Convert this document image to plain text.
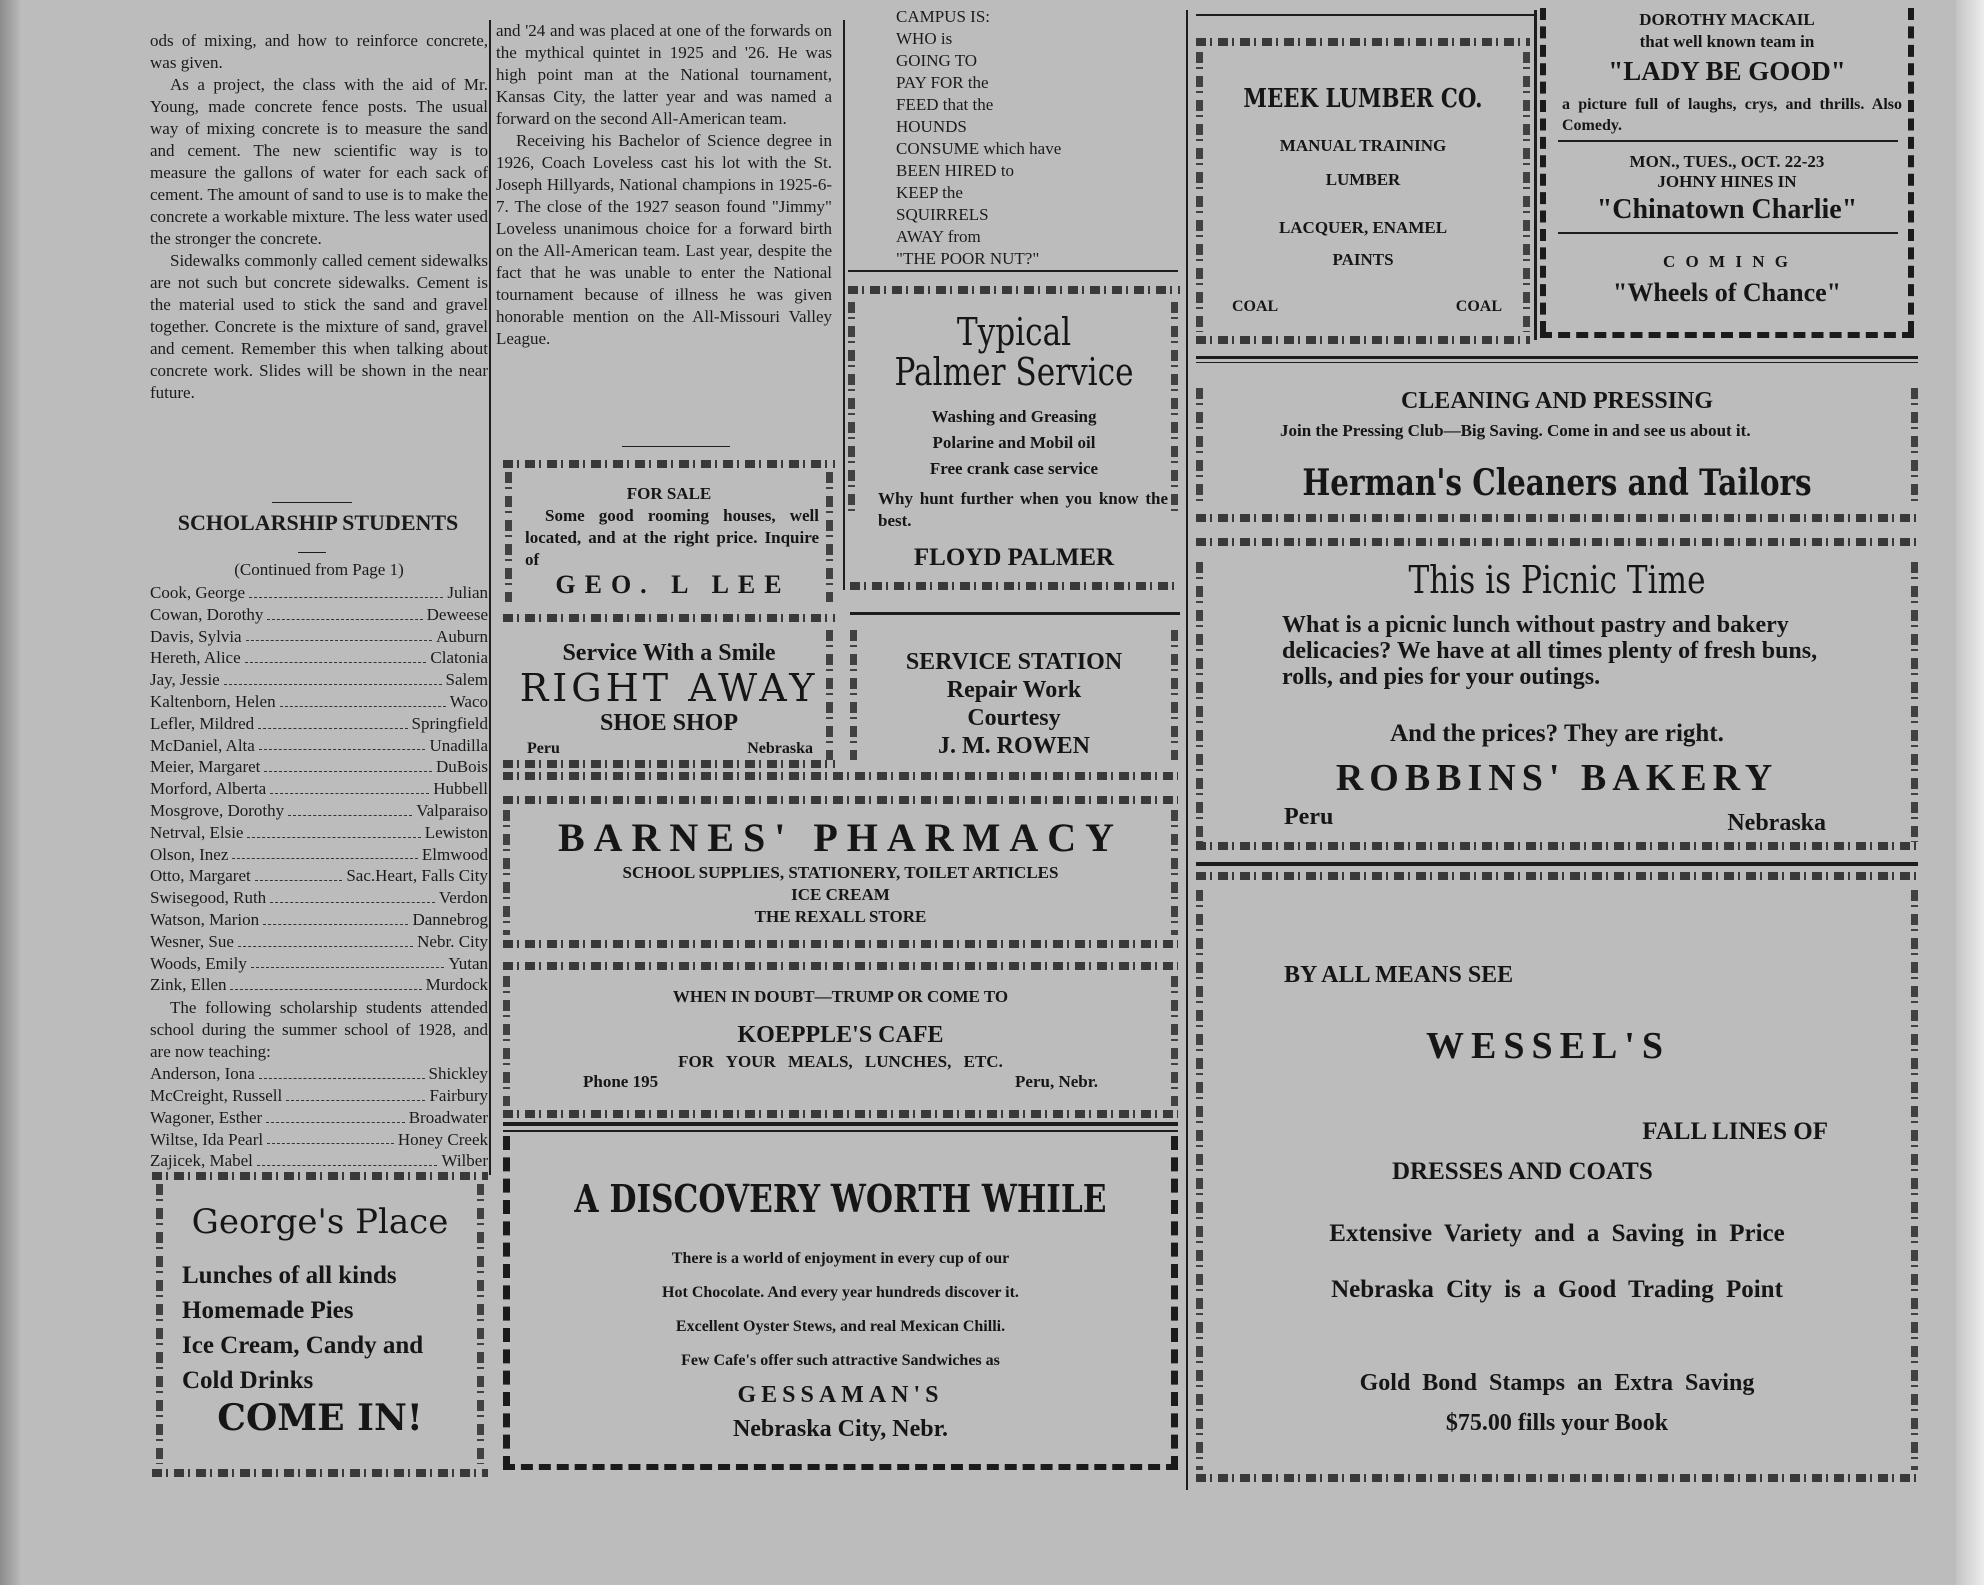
ods of mixing, and how to reinforce concrete, was given.

As a project, the class with the aid of Mr. Young, made concrete fence posts. The usual way of mixing concrete is to measure the sand and cement. The new scientific way is to measure the gallons of water for each sack of cement. The amount of sand to use is to make the concrete a workable mixture. The less water used the stronger the concrete.

Sidewalks commonly called cement sidewalks are not such but concrete sidewalks. Cement is the material used to stick the sand and gravel together. Concrete is the mixture of sand, gravel and cement. Remember this when talking about concrete work. Slides will be shown in the near future.

SCHOLARSHIP STUDENTS
(Continued from Page 1)
Cook, George	Julian
Cowan, Dorothy	Deweese
Davis, Sylvia	Auburn
Hereth, Alice	Clatonia
Jay, Jessie	Salem
Kaltenborn, Helen	Waco
Lefler, Mildred	Springfield
McDaniel, Alta	Unadilla
Meier, Margaret	DuBois
Morford, Alberta	Hubbell
Mosgrove, Dorothy	Valparaiso
Netrval, Elsie	Lewiston
Olson, Inez	Elmwood
Otto, Margaret	Sac.Heart, Falls City
Swisegood, Ruth	Verdon
Watson, Marion	Dannebrog
Wesner, Sue	Nebr. City
Woods, Emily	Yutan
Zink, Ellen	Murdock

The following scholarship students attended school during the summer school of 1928, and are now teaching:

Anderson, Iona	Shickley
McCreight, Russell	Fairbury
Wagoner, Esther	Broadwater
Wiltse, Ida Pearl	Honey Creek
Zajicek, Mabel	Wilber
George's Place
Lunches of all kinds
Homemade Pies
Ice Cream, Candy and
Cold Drinks
COME IN!

and '24 and was placed at one of the forwards on the mythical quintet in 1925 and '26. He was high point man at the National tournament, Kansas City, the latter year and was named a forward on the second All-American team.

Receiving his Bachelor of Science degree in 1926, Coach Loveless cast his lot with the St. Joseph Hillyards, National champions in 1925-6-7. The close of the 1927 season found "Jimmy" Loveless unanimous choice for a forward birth on the All-American team. Last year, despite the fact that he was unable to enter the National tournament because of illness he was given honorable mention on the All-Missouri Valley League.

FOR SALE
Some good rooming houses, well located, and at the right price. Inquire of
GEO. L LEE
Service With a Smile
RIGHT AWAY
SHOE SHOP
Peru	Nebraska
CAMPUS IS:
WHO is
GOING TO
PAY FOR the
FEED that the
HOUNDS
CONSUME which have
BEEN HIRED to
KEEP the
SQUIRRELS
AWAY from
"THE POOR NUT?"
Typical
Palmer Service
Washing and Greasing
Polarine and Mobil oil
Free crank case service
Why hunt further when you know the best.
FLOYD PALMER
SERVICE STATION
Repair Work
Courtesy
J. M. ROWEN
BARNES' PHARMACY
SCHOOL SUPPLIES, STATIONERY, TOILET ARTICLES
ICE CREAM
THE REXALL STORE
WHEN IN DOUBT—TRUMP OR COME TO
KOEPPLE'S CAFE
FOR YOUR MEALS, LUNCHES, ETC.
Phone 195	Peru, Nebr.
A DISCOVERY WORTH WHILE
There is a world of enjoyment in every cup of our
Hot Chocolate. And every year hundreds discover it.
Excellent Oyster Stews, and real Mexican Chilli.
Few Cafe's offer such attractive Sandwiches as
GESSAMAN'S
Nebraska City, Nebr.
MEEK LUMBER CO.
MANUAL TRAINING
LUMBER
LACQUER, ENAMEL
PAINTS
COAL	COAL
DOROTHY MACKAIL
that well known team in
"LADY BE GOOD"
a picture full of laughs, crys, and thrills. Also Comedy.
MON., TUES., OCT. 22-23
JOHNY HINES IN
"Chinatown Charlie"
C O M I N G
"Wheels of Chance"
CLEANING AND PRESSING
Join the Pressing Club—Big Saving. Come in and see us about it.
Herman's Cleaners and Tailors
This is Picnic Time
What is a picnic lunch without pastry and bakery delicacies? We have at all times plenty of fresh buns, rolls, and pies for your outings.
And the prices? They are right.
ROBBINS' BAKERY
Peru	Nebraska
BY ALL MEANS SEE
WESSEL'S
FALL LINES OF
DRESSES AND COATS
Extensive Variety and a Saving in Price
Nebraska City is a Good Trading Point
Gold Bond Stamps an Extra Saving
$75.00 fills your Book
